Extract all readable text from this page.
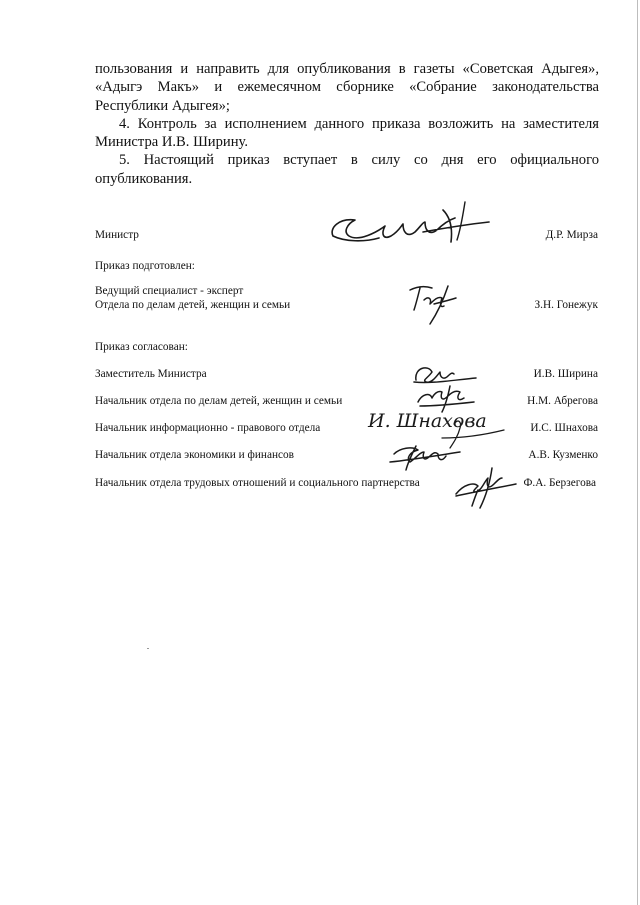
пользования и направить для опубликования в газеты «Советская Адыгея», «Адыгэ Макъ» и ежемесячном сборнике «Собрание законодательства Республики Адыгея»;

4. Контроль за исполнением данного приказа возложить на заместителя Министра И.В. Ширину.

5. Настоящий приказ вступает в силу со дня его официального опубликования.

Министр	Д.Р. Мирза
Приказ подготовлен:
Ведущий специалист - эксперт
Отдела по делам детей, женщин и семьи	З.Н. Гонежук
Приказ согласован:
Заместитель Министра	И.В. Ширина
Начальник отдела по делам детей, женщин и семьи	Н.М. Абрегова
Начальник информационно - правового отдела	И.С. Шнахова
И. Шнахова
Начальник отдела экономики и финансов	А.В. Кузменко
Начальник отдела трудовых отношений и социального партнерства	Ф.А. Берзегова
